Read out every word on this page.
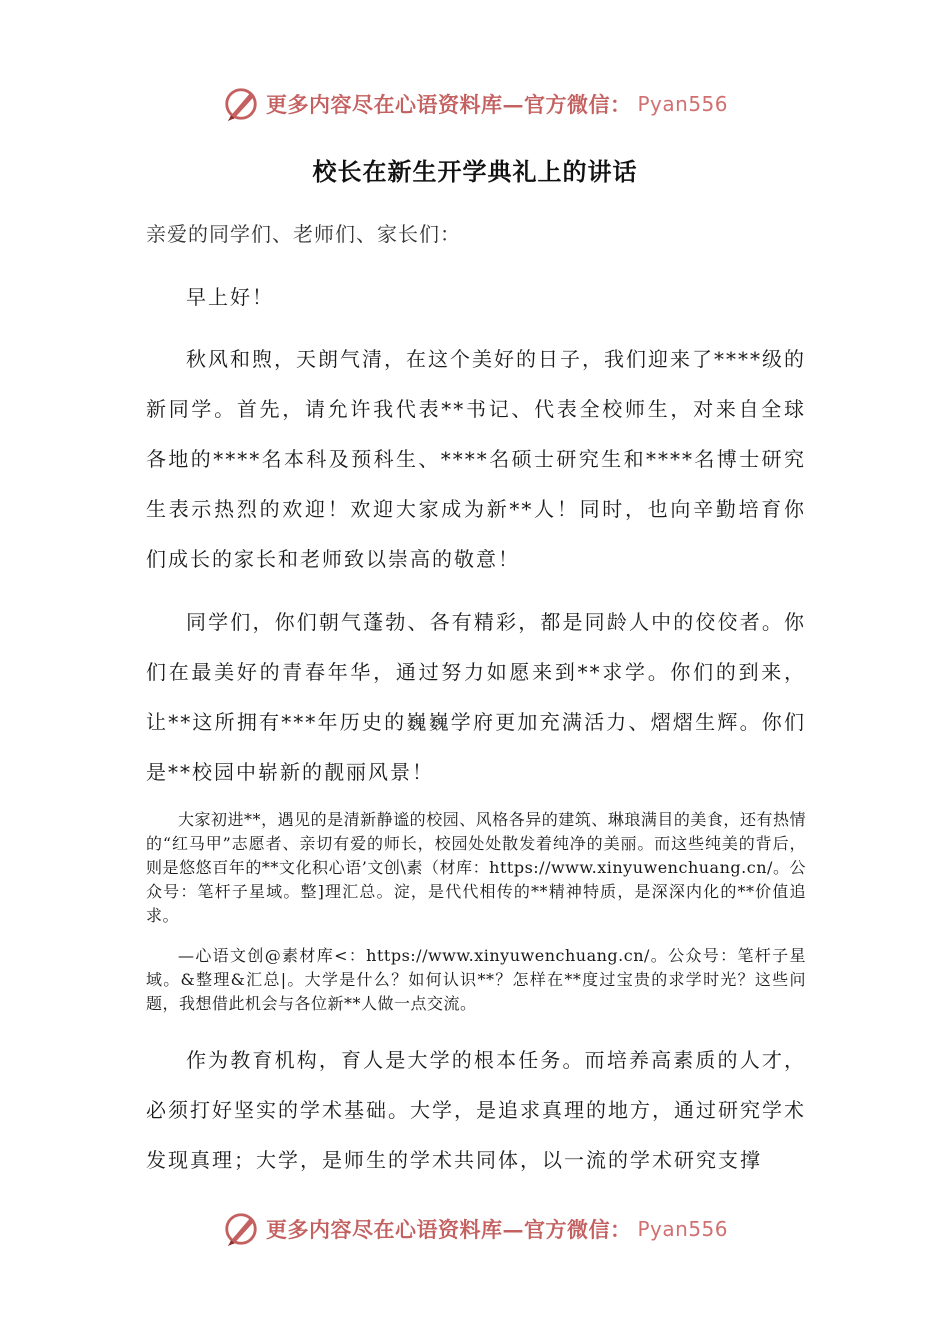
更多内容尽在心语资料库—官方微信： Pyan556
校长在新生开学典礼上的讲话
亲爱的同学们、老师们、家长们：

早上好！

秋风和煦，天朗气清，在这个美好的日子，我们迎来了****级的新同学。首先，请允许我代表**书记、代表全校师生，对来自全球各地的****名本科及预科生、****名硕士研究生和****名博士研究生表示热烈的欢迎！欢迎大家成为新**人！同时，也向辛勤培育你们成长的家长和老师致以崇高的敬意！

同学们，你们朝气蓬勃、各有精彩，都是同龄人中的佼佼者。你们在最美好的青春年华，通过努力如愿来到**求学。你们的到来，让**这所拥有***年历史的巍巍学府更加充满活力、熠熠生辉。你们是**校园中崭新的靓丽风景！

大家初进**，遇见的是清新静谧的校园、风格各异的建筑、琳琅满目的美食，还有热情的“红马甲”志愿者、亲切有爱的师长，校园处处散发着纯净的美丽。而这些纯美的背后，则是悠悠百年的**文化积心语’文创\素（材库：https://www.xinyuwenchuang.cn/。公众号：笔杆子星域。整]理汇总。淀，是代代相传的**精神特质，是深深内化的**价值追求。

—心语文创@素材库<：https://www.xinyuwenchuang.cn/。公众号：笔杆子星域。&整理&汇总|。大学是什么？如何认识**？怎样在**度过宝贵的求学时光？这些问题，我想借此机会与各位新**人做一点交流。

作为教育机构，育人是大学的根本任务。而培养高素质的人才，必须打好坚实的学术基础。大学，是追求真理的地方，通过研究学术发现真理；大学，是师生的学术共同体，以一流的学术研究支撑

更多内容尽在心语资料库—官方微信： Pyan556
